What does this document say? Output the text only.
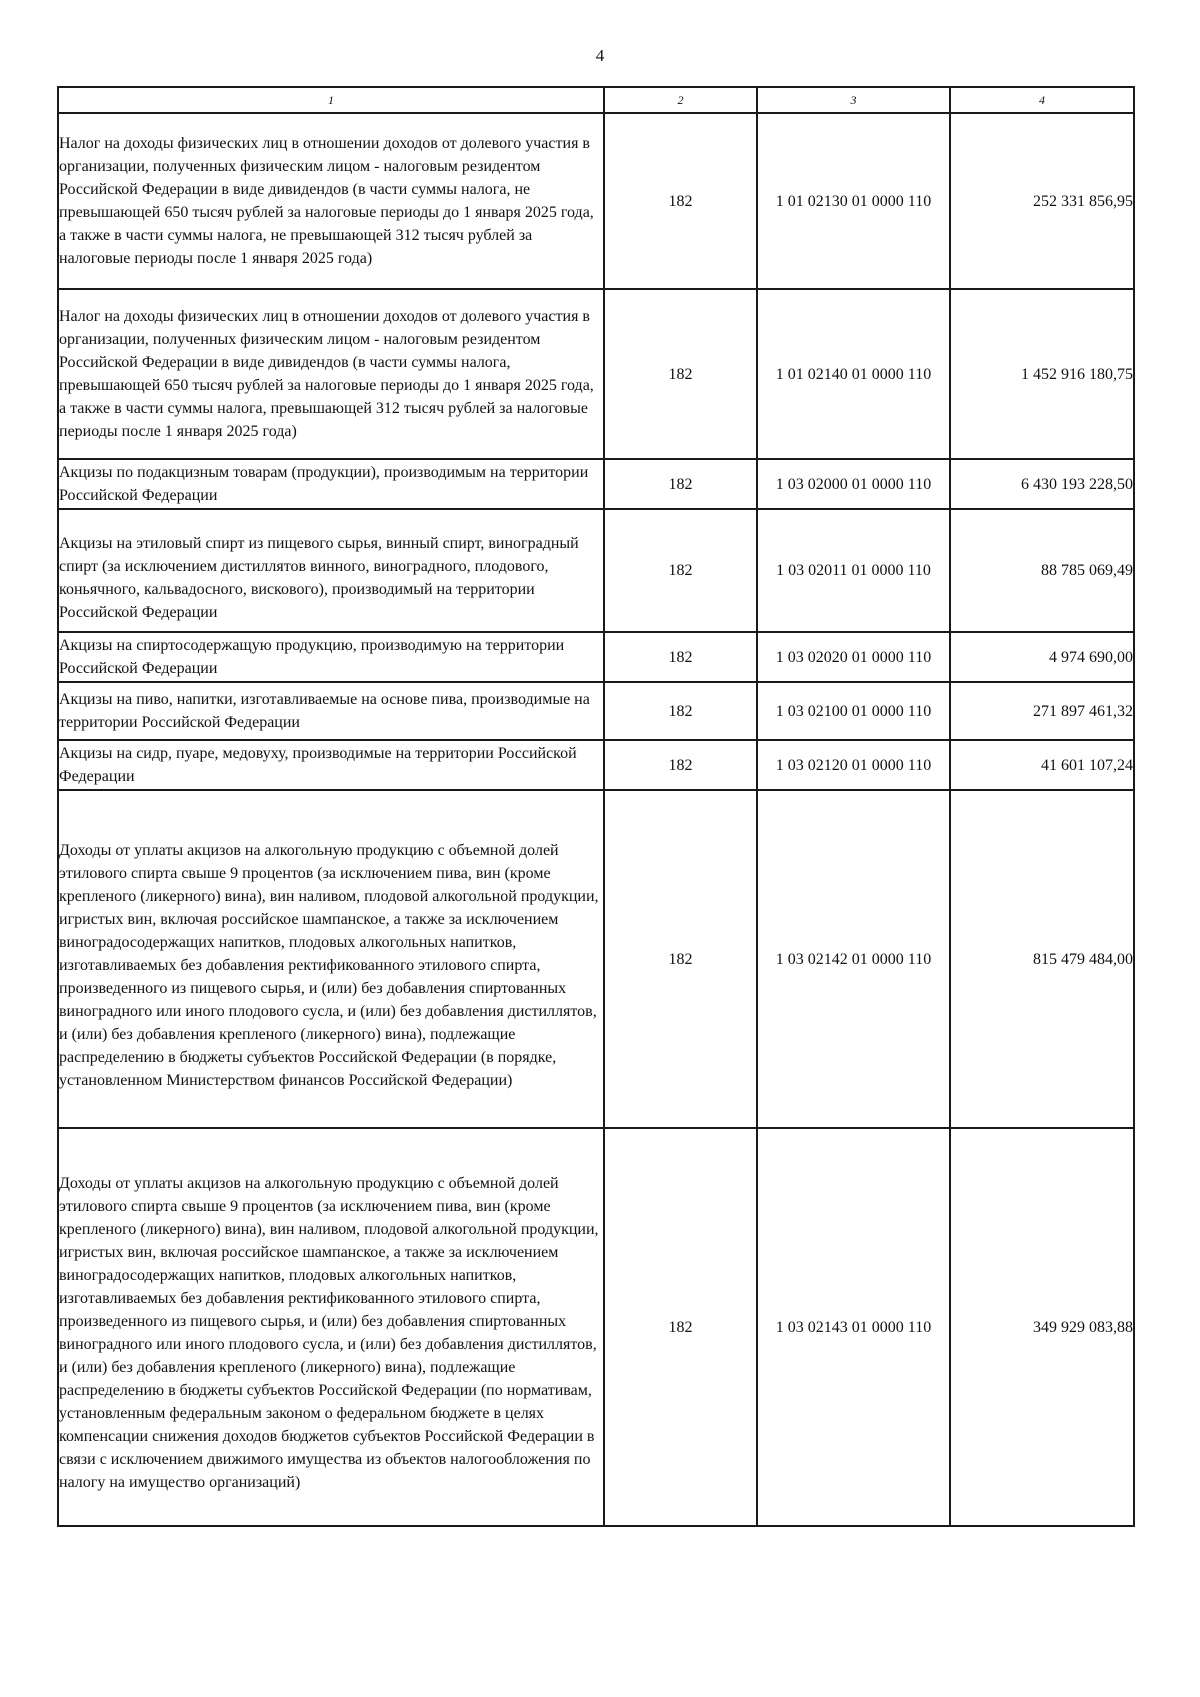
4
1	2	3	4
Налог на доходы физических лиц в отношении доходов от долевого участия в организации, полученных физическим лицом - налоговым резидентом Российской Федерации в виде дивидендов (в части суммы налога, не превышающей 650 тысяч рублей за налоговые периоды до 1 января 2025 года, а также в части суммы налога, не превышающей 312 тысяч рублей за налоговые периоды после 1 января 2025 года)	182	1 01 02130 01 0000 110	252 331 856,95
Налог на доходы физических лиц в отношении доходов от долевого участия в организации, полученных физическим лицом - налоговым резидентом Российской Федерации в виде дивидендов (в части суммы налога, превышающей 650 тысяч рублей за налоговые периоды до 1 января 2025 года, а также в части суммы налога, превышающей 312 тысяч рублей за налоговые периоды после 1 января 2025 года)	182	1 01 02140 01 0000 110	1 452 916 180,75
Акцизы по подакцизным товарам (продукции), производимым на территории Российской Федерации	182	1 03 02000 01 0000 110	6 430 193 228,50
Акцизы на этиловый спирт из пищевого сырья, винный спирт, виноградный спирт (за исключением дистиллятов винного, виноградного, плодового, коньячного, кальвадосного, вискового), производимый на территории Российской Федерации	182	1 03 02011 01 0000 110	88 785 069,49
Акцизы на спиртосодержащую продукцию, производимую на территории Российской Федерации	182	1 03 02020 01 0000 110	4 974 690,00
Акцизы на пиво, напитки, изготавливаемые на основе пива, производимые на территории Российской Федерации	182	1 03 02100 01 0000 110	271 897 461,32
Акцизы на сидр, пуаре, медовуху, производимые на территории Российской Федерации	182	1 03 02120 01 0000 110	41 601 107,24
Доходы от уплаты акцизов на алкогольную продукцию с объемной долей этилового спирта свыше 9 процентов (за исключением пива, вин (кроме крепленого (ликерного) вина), вин наливом, плодовой алкогольной продукции, игристых вин, включая российское шампанское, а также за исключением виноградосодержащих напитков, плодовых алкогольных напитков, изготавливаемых без добавления ректификованного этилового спирта, произведенного из пищевого сырья, и (или) без добавления спиртованных виноградного или иного плодового сусла, и (или) без добавления дистиллятов, и (или) без добавления крепленого (ликерного) вина), подлежащие распределению в бюджеты субъектов Российской Федерации (в порядке, установленном Министерством финансов Российской Федерации)	182	1 03 02142 01 0000 110	815 479 484,00
Доходы от уплаты акцизов на алкогольную продукцию с объемной долей этилового спирта свыше 9 процентов (за исключением пива, вин (кроме крепленого (ликерного) вина), вин наливом, плодовой алкогольной продукции, игристых вин, включая российское шампанское, а также за исключением виноградосодержащих напитков, плодовых алкогольных напитков, изготавливаемых без добавления ректификованного этилового спирта, произведенного из пищевого сырья, и (или) без добавления спиртованных виноградного или иного плодового сусла, и (или) без добавления дистиллятов, и (или) без добавления крепленого (ликерного) вина), подлежащие распределению в бюджеты субъектов Российской Федерации (по нормативам, установленным федеральным законом о федеральном бюджете в целях компенсации снижения доходов бюджетов субъектов Российской Федерации в связи с исключением движимого имущества из объектов налогообложения по налогу на имущество организаций)	182	1 03 02143 01 0000 110	349 929 083,88
